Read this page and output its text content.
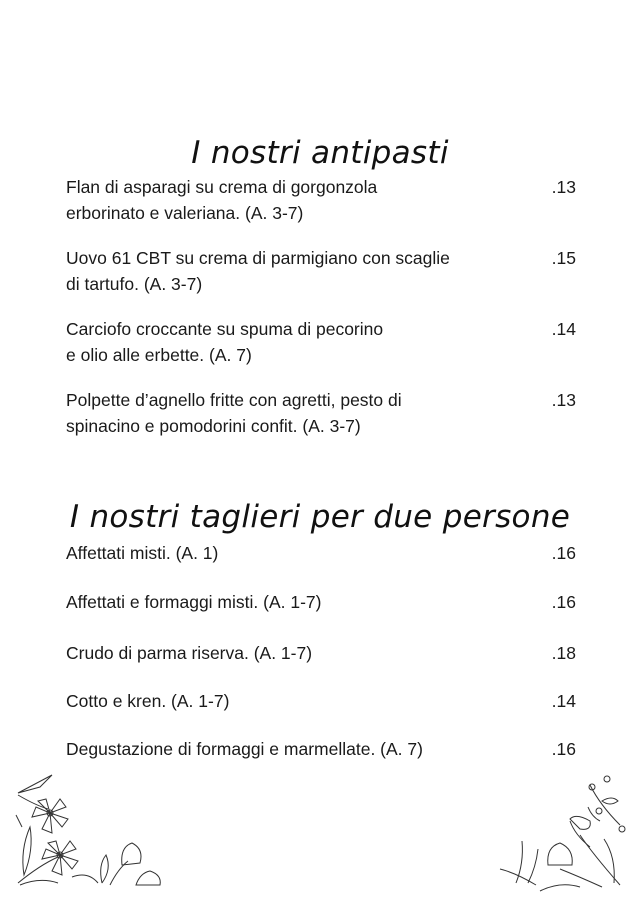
I nostri antipasti
Flan di asparagi su crema di gorgonzola
erborinato e valeriana. (A. 3-7)
.13
Uovo 61 CBT su crema di parmigiano con scaglie
di tartufo. (A. 3-7)
.15
Carciofo croccante su spuma di pecorino
e olio alle erbette. (A. 7)
.14
Polpette d’agnello fritte con agretti, pesto di
spinacino e pomodorini confit. (A. 3-7)
.13
I nostri taglieri per due persone
Affettati misti. (A. 1)	.16
Affettati e formaggi misti. (A. 1-7)	.16
Crudo di parma riserva. (A. 1-7)	.18
Cotto e kren. (A. 1-7)	.14
Degustazione di formaggi e marmellate. (A. 7)	.16
